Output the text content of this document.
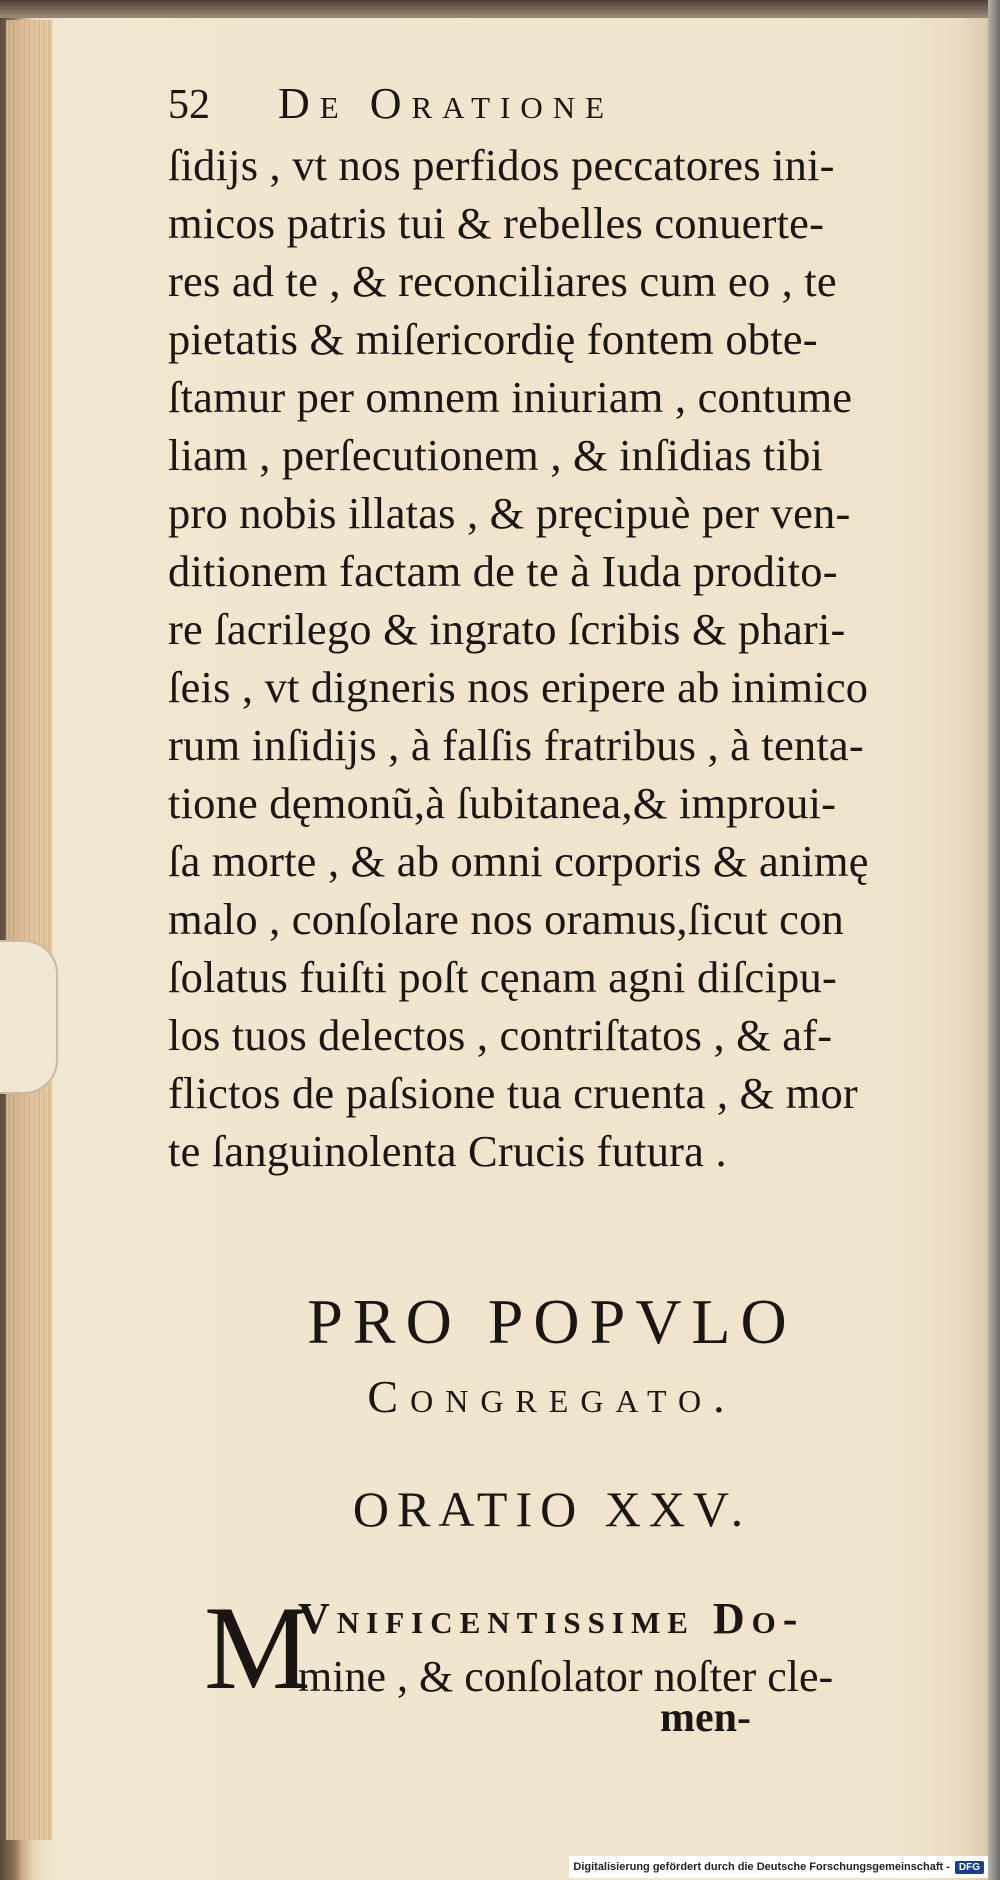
52	De Oratione
ſidijs , vt nos perfidos peccatores ini-
micos patris tui & rebelles conuerte-
res ad te , & reconciliares cum eo , te
pietatis & miſericordię fontem obte-
ſtamur per omnem iniuriam , contume
liam , perſecutionem , & inſidias tibi
pro nobis illatas , & pręcipuè per ven-
ditionem factam de te à Iuda prodito-
re ſacrilego & ingrato ſcribis & phari-
ſeis , vt digneris nos eripere ab inimico
rum inſidijs , à falſis fratribus , à tenta-
tione dęmonũ,à ſubitanea,& improui-
ſa morte , & ab omni corporis & animę
malo , conſolare nos oramus,ſicut con
ſolatus fuiſti poſt cęnam agni diſcipu-
los tuos delectos , contriſtatos , & af-
flictos de paſsione tua cruenta , & mor
te ſanguinolenta Crucis futura .
PRO POPVLO
Congregato.
ORATIO XXV.
M
Vnificentissime Do-
mine , & conſolator noſter cle-
men-
Digitalisierung gefördert durch die Deutsche Forschungsgemeinschaft - DFG
